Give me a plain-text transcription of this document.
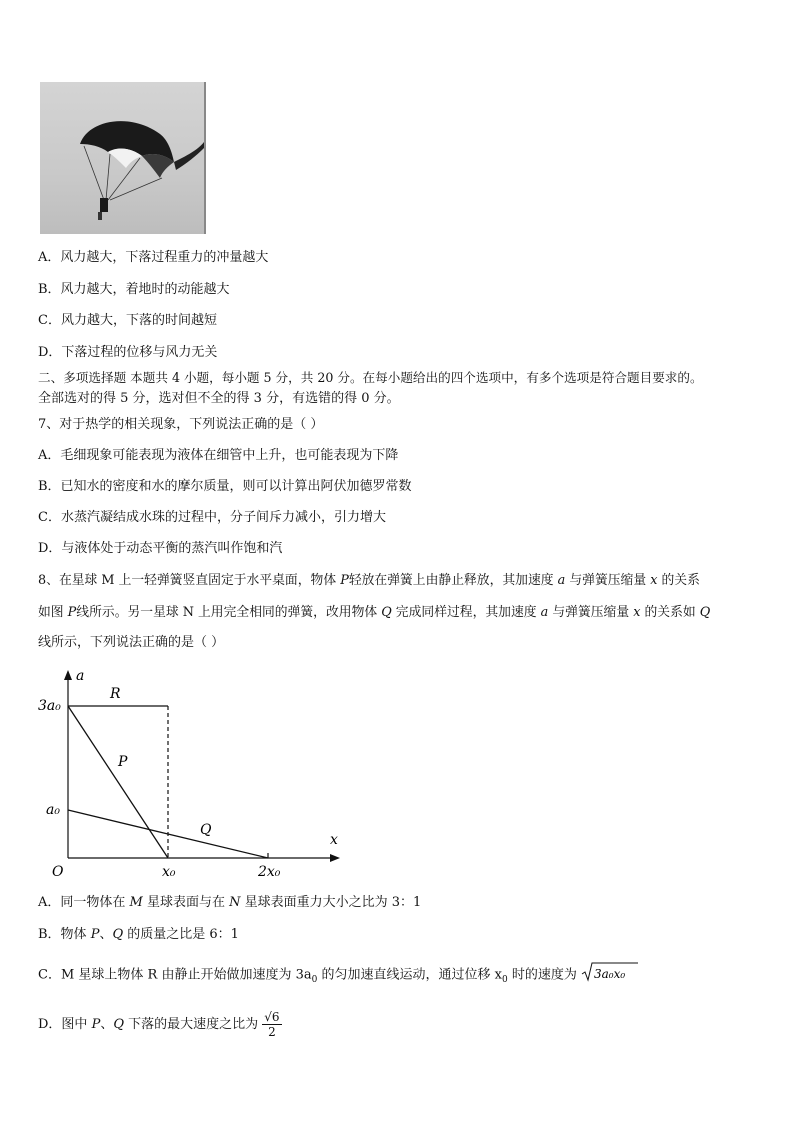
A．风力越大，下落过程重力的冲量越大
B．风力越大，着地时的动能越大
C．风力越大，下落的时间越短
D．下落过程的位移与风力无关
二、多项选择题 本题共 4 小题，每小题 5 分，共 20 分。在每小题给出的四个选项中，有多个选项是符合题目要求的。
全部选对的得 5 分，选对但不全的得 3 分，有选错的得 0 分。
7、对于热学的相关现象，下列说法正确的是（ ）
A．毛细现象可能表现为液体在细管中上升，也可能表现为下降
B．已知水的密度和水的摩尔质量，则可以计算出阿伏加德罗常数
C．水蒸汽凝结成水珠的过程中，分子间斥力减小，引力增大
D．与液体处于动态平衡的蒸汽叫作饱和汽
8、在星球 M 上一轻弹簧竖直固定于水平桌面，物体 P轻放在弹簧上由静止释放，其加速度 a 与弹簧压缩量 x 的关系
如图 P线所示。另一星球 N 上用完全相同的弹簧，改用物体 Q 完成同样过程，其加速度 a 与弹簧压缩量 x 的关系如 Q
线所示，下列说法正确的是（ ）
a
x
O
3a₀
a₀
x₀	2x₀
R
P
Q
A．同一物体在 M 星球表面与在 N 星球表面重力大小之比为 3：1
B．物体 P、Q 的质量之比是 6：1
C．M 星球上物体 R 由静止开始做加速度为 $3a_0$ 的匀加速直线运动，通过位移 $x_0$ 时的速度为 3a₀x₀
D．图中 P、Q 下落的最大速度之比为 $\frac{√6}{2}$
